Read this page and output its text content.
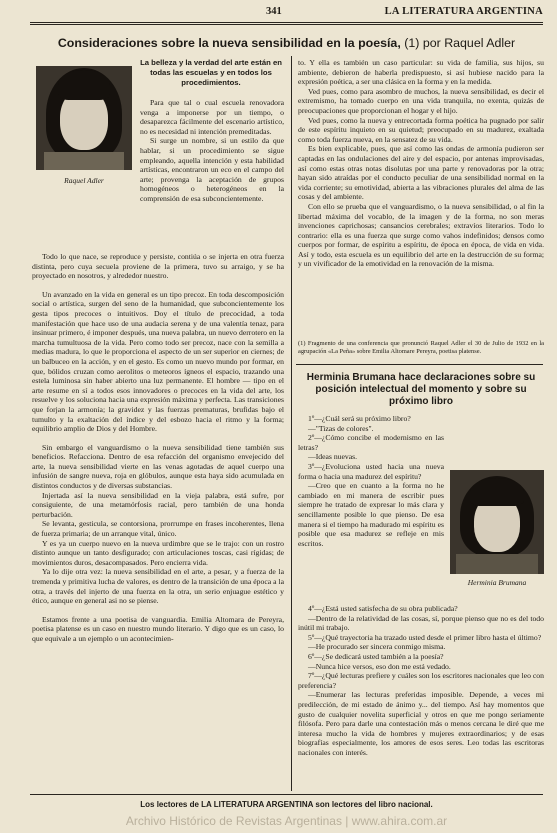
341	LA LITERATURA ARGENTINA
Consideraciones sobre la nueva sensibilidad en la poesía, (1) por Raquel Adler
Raquel Adler
La belleza y la verdad del arte están en todas las escuelas y en todos los procedimientos.

Para que tal o cual escuela renovadora venga a imponerse por un tiempo, o desaparezca fácilmente del escenario artístico, no es necesidad ni intención premeditadas.

Si surge un nombre, si un estilo da que hablar, si un procedimiento se sigue empleando, aquella intención y esta habilidad artísticas, encontraron un eco en el campo del arte; provenga la aceptación de grupos homogéneos o heterogéneos en la comprensión de esa subconcientemente.

Todo lo que nace, se reproduce y persiste, contiúa o se injerta en otra fuerza distinta, pero cuya secuela proviene de la primera, tuvo su arraigo, y se ha proyectado en nosotros, y alrededor nuestro.

Un avanzado en la vida en general es un tipo precoz. En toda descomposición social o artística, surgen del seno de la humanidad, que subconcientemente los gesta tipos precoces o intuitivos. Doy el título de precocidad, a toda manifestación que hace uso de una audacia serena y de una valentía tenaz, para insinuar primero, é imponer después, una nueva palabra, un nuevo derrotero en la marcha tumultuosa de la vida. Pero como todo ser precoz, nace con la semilla a medias madura, lo que le proporciona el aspecto de un ser superior en ciernes; de un balbuceo en la acción, y en el gesto. Es como un nuevo mundo por formar, en que, bólidos cruzan como aerolitos o meteoros ígneos el espacio, trazando una estela luminosa sin haber abierto una luz permanente. El hombre — tipo en el arte resume en sí a todos esos innovadores o precoces en la vida del arte, los resuelve y los soluciona hacia una expresión máxima y perfecta. Las transiciones que forjan la armonía; la gravidez y las fuerzas prematuras, brufidas bajo el tumulto y la exaltación del índice y del esbozo hacia el ritmo y la forma; equilibrio amplio de Dios y del Hombre.

Sin embargo el vanguardismo o la nueva sensibilidad tiene también sus beneficios. Refacciona. Dentro de esa refacción del organismo envejecido del arte, la nueva sensibilidad vierte en las venas agotadas de aquel cuerpo una infusión de sangre nueva, roja en glóbulos, aunque esta haya sido acumulada en distintos conductos y de diversas substancias.

Injertada así la nueva sensibilidad en la vieja palabra, está sufre, por consiguiente, de una metamórfosis racial, pero también de una honda perturbación.

Se levanta, gesticula, se contorsiona, prorrumpe en frases incoherentes, llena de fuerza primaria; de un arranque vital, único.

Y es ya un cuerpo nuevo en la nueva urdimbre que se le trajo: con un rostro distinto aunque un tanto desfigurado; con articulaciones toscas, casi rígidas; de movimientos duros, desacompasados. Pero encierra vida.

Ya lo dije otra vez: la nueva sensibilidad en el arte, a pesar, y a fuerza de la tremenda y primitiva lucha de valores, es dentro de la transición de una época a la otra, a través del injerto de una fuerza en la otra, un serio enjuague estético y ético, aunque en general asi no se piense.

Estamos frente a una poetisa de vanguardia. Emilia Altomara de Pereyra, poetisa platense es un caso en nuestro mundo literario. Y digo que es un caso, lo que equivale a un ejemplo o un acontecimien-

to. Y ella es también un caso particular: su vida de familia, sus hijos, su ambiente, debieron de haberla predispuesto, si así hubiese nacido para la expresión poética, a ser una clásica en la forma y en la medida.

Ved pues, como para asombro de muchos, la nueva sensibilidad, es decir el extremismo, ha tomado cuerpo en una vida tranquila, no exenta, quizás de preocupaciones que proporcionan el hogar y el hijo.

Ved pues, como la nueva y entrecortada forma poética ha pugnado por salir de este espíritu inquieto en su quietud; preocupado en su madurez, exaltada como toda fuerza nueva, en la sensatez de su vida.

Es bien explicable, pues, que así como las ondas de armonía pudieron ser captadas en las ondulaciones del aire y del espacio, por antenas improvisadas, así como estas otras notas disolutas por una parte y renovadoras por la otra; hayan sido atraídas por el conducto peculiar de una sensibilidad normal en la vida corriente; su emotividad, abierta a las vibraciones plurales del alma de las cosas y del ambiente.

Con ello se prueba que el vanguardismo, o la nueva sensibilidad, o al fin la libertad máxima del vocablo, de la imagen y de la forma, no son meras invenciones caprichosas; cansancios cerebrales; extravíos literarios. Todo lo contrario: ella es una fuerza que surge como vahos indefinidos; densos como cuerpos por formar, de espíritu a espíritu, de época en época, de vida en vida. Así y todo, esta escuela es un equilibrio del arte en la destrucción de su forma; y un vivificador de la emotividad en la renovación de la misma.

(1) Fragmento de una conferencia que pronunció Raquel Adler el 30 de Julio de 1932 en la agrupación «La Peña» sobre Emilia Altomare Pereyra, poetisa platense.
Herminia Brumana hace declaraciones sobre su posición intelectual del momento y sobre su próximo libro
Herminia Brumana

1º—¿Cuál será su próximo libro?

—"Tizas de colores".

2º—¿Cómo concibe el modernismo en las letras?

—Ideas nuevas.

3º—¿Evoluciona usted hacia una nueva forma o hacia una madurez del espíritu?

—Creo que en cuanto a la forma no he cambiado en mi manera de escribir pues siempre he tratado de expresar lo más clara y sencillamente posible lo que pienso. De esa manera si el tiempo ha madurado mi espíritu es posible que esa madurez se refleje en mis escritos.

4º—¿Está usted satisfecha de su obra publicada?

—Dentro de la relatividad de las cosas, sí, porque pienso que no es del todo inútil mi trabajo.

5º—¿Qué trayectoria ha trazado usted desde el primer libro hasta el último?

—He procurado ser sincera conmigo misma.

6º—¿Se dedicará usted también a la poesía?

—Nunca hice versos, eso don me está vedado.

7º—¿Qué lecturas prefiere y cuáles son los escritores nacionales que leo con preferencia?

—Enumerar las lecturas preferidas imposible. Depende, a veces mi predilección, de mi estado de ánimo y... del tiempo. Así hay momentos que gusto de cualquier novelita superficial y otros en que me pongo seriamente filósofa. Pero para darle una contestación más o menos cercana le diré que me interesa mucho la vida de hombres y mujeres extraordinarios; y de esas biografías especialmente, los amores de esos seres. Leo todas las escritoras nacionales con interés.

Los lectores de LA LITERATURA ARGENTINA son lectores del libro nacional.
Archivo Histórico de Revistas Argentinas | www.ahira.com.ar
